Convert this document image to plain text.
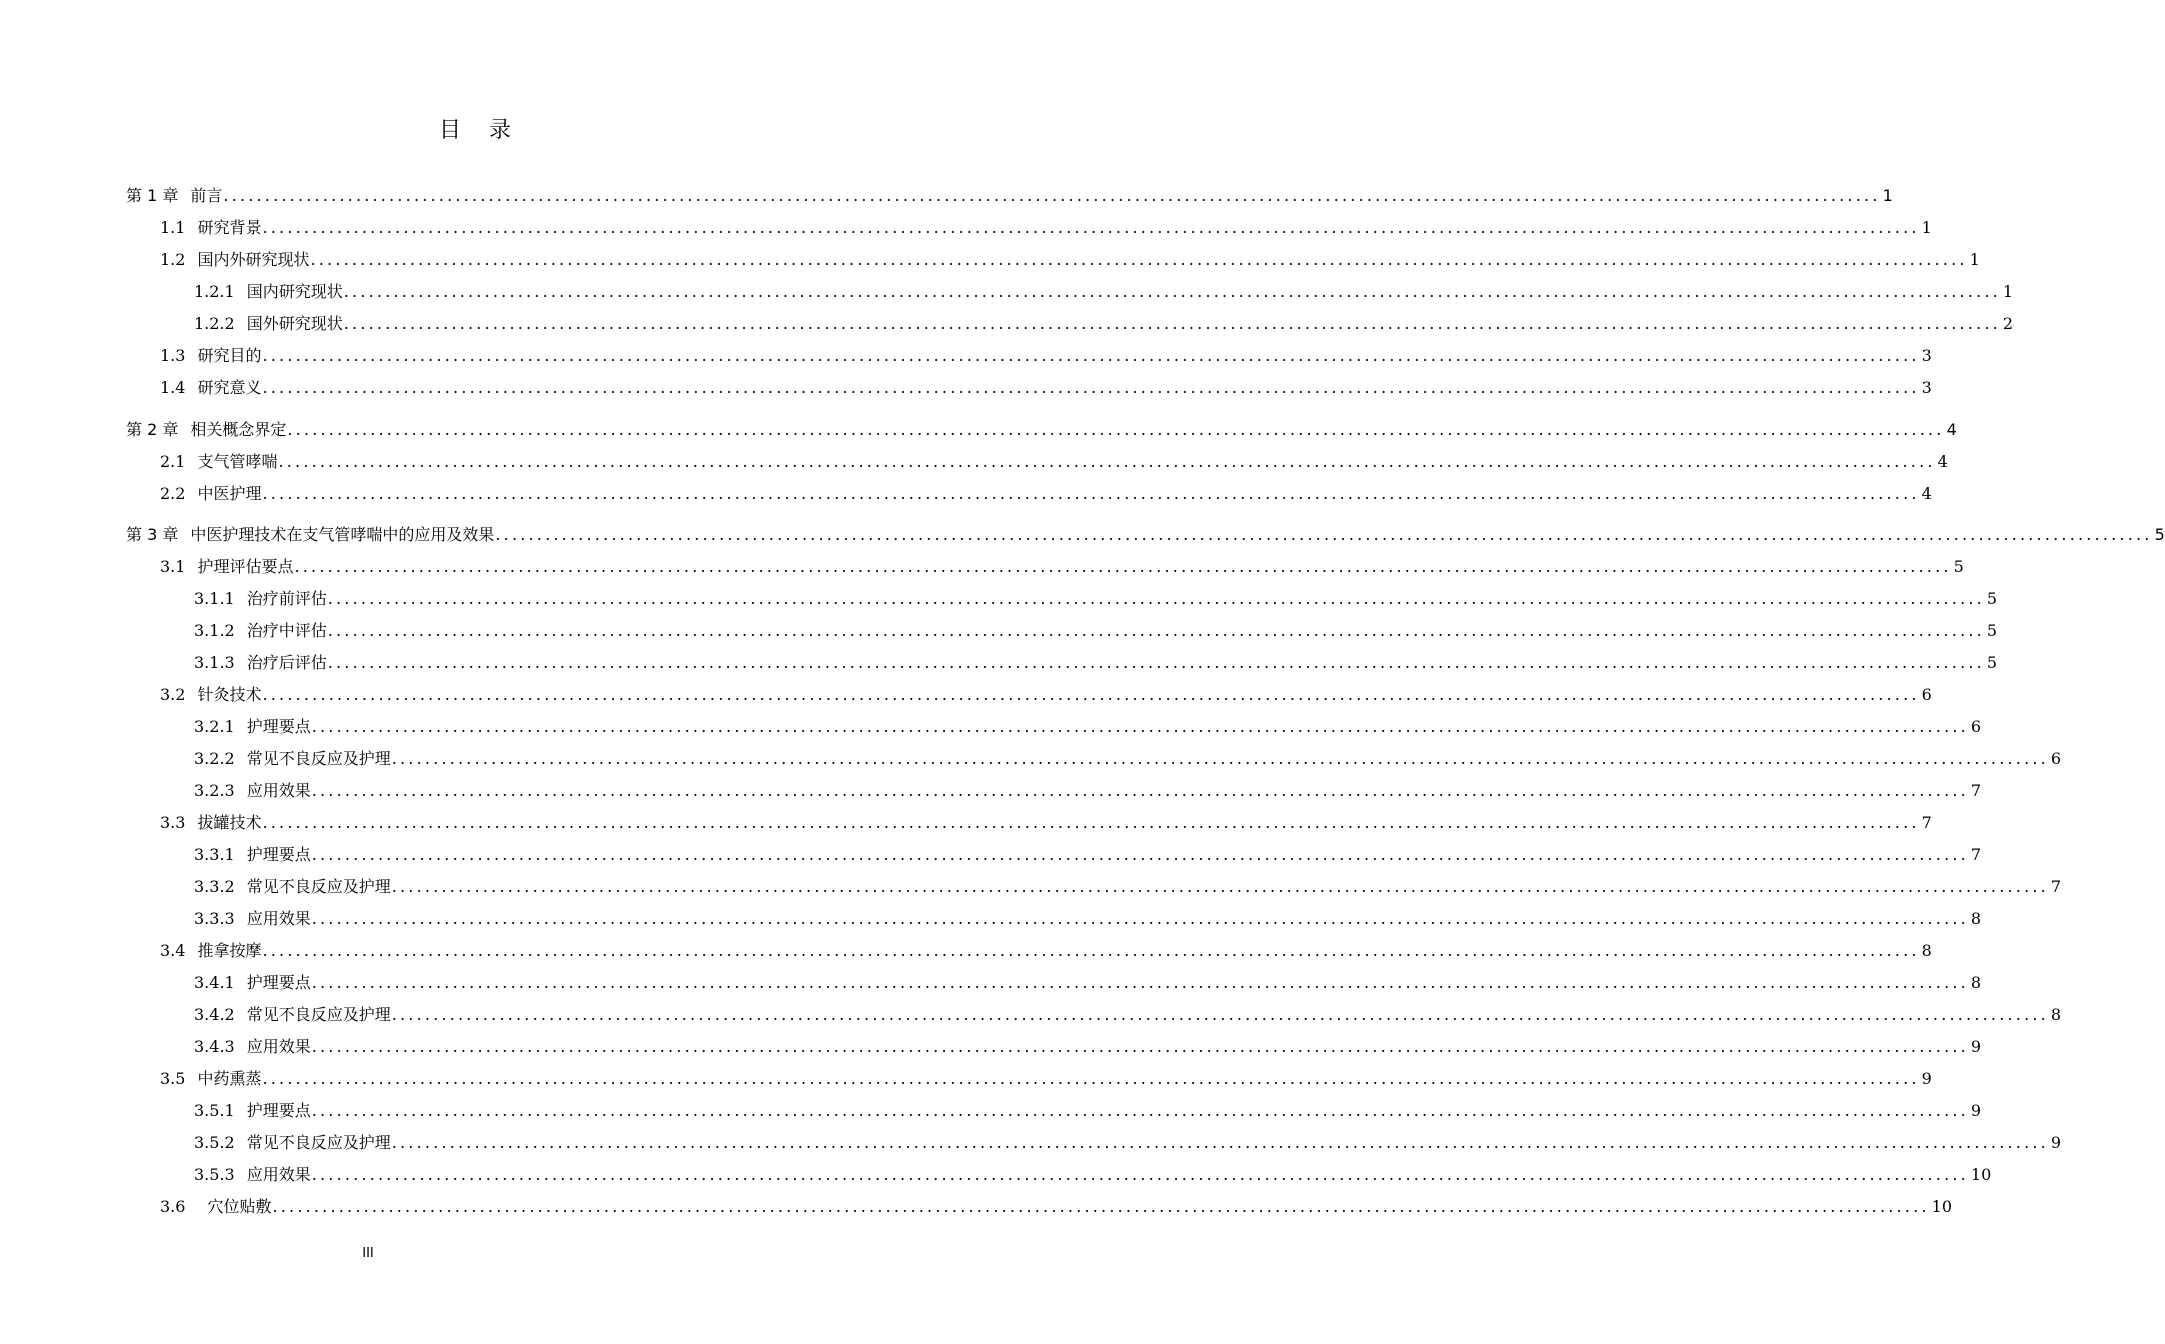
目 录
第 1 章 前言 ........................................................................................................................................................................................................ 1
1.1 研究背景 ........................................................................................................................................................................................................ 1
1.2 国内外研究现状 ........................................................................................................................................................................................................ 1
1.2.1 国内研究现状 ........................................................................................................................................................................................................ 1
1.2.2 国外研究现状 ........................................................................................................................................................................................................ 2
1.3 研究目的 ........................................................................................................................................................................................................ 3
1.4 研究意义 ........................................................................................................................................................................................................ 3
第 2 章 相关概念界定 ........................................................................................................................................................................................................ 4
2.1 支气管哮喘 ........................................................................................................................................................................................................ 4
2.2 中医护理 ........................................................................................................................................................................................................ 4
第 3 章 中医护理技术在支气管哮喘中的应用及效果 ........................................................................................................................................................................................................ 5
3.1 护理评估要点 ........................................................................................................................................................................................................ 5
3.1.1 治疗前评估 ........................................................................................................................................................................................................ 5
3.1.2 治疗中评估 ........................................................................................................................................................................................................ 5
3.1.3 治疗后评估 ........................................................................................................................................................................................................ 5
3.2 针灸技术 ........................................................................................................................................................................................................ 6
3.2.1 护理要点 ........................................................................................................................................................................................................ 6
3.2.2 常见不良反应及护理 ........................................................................................................................................................................................................ 6
3.2.3 应用效果 ........................................................................................................................................................................................................ 7
3.3 拔罐技术 ........................................................................................................................................................................................................ 7
3.3.1 护理要点 ........................................................................................................................................................................................................ 7
3.3.2 常见不良反应及护理 ........................................................................................................................................................................................................ 7
3.3.3 应用效果 ........................................................................................................................................................................................................ 8
3.4 推拿按摩 ........................................................................................................................................................................................................ 8
3.4.1 护理要点 ........................................................................................................................................................................................................ 8
3.4.2 常见不良反应及护理 ........................................................................................................................................................................................................ 8
3.4.3 应用效果 ........................................................................................................................................................................................................ 9
3.5 中药熏蒸 ........................................................................................................................................................................................................ 9
3.5.1 护理要点 ........................................................................................................................................................................................................ 9
3.5.2 常见不良反应及护理 ........................................................................................................................................................................................................ 9
3.5.3 应用效果 ........................................................................................................................................................................................................ 10
3.6 穴位贴敷 ........................................................................................................................................................................................................ 10
III
